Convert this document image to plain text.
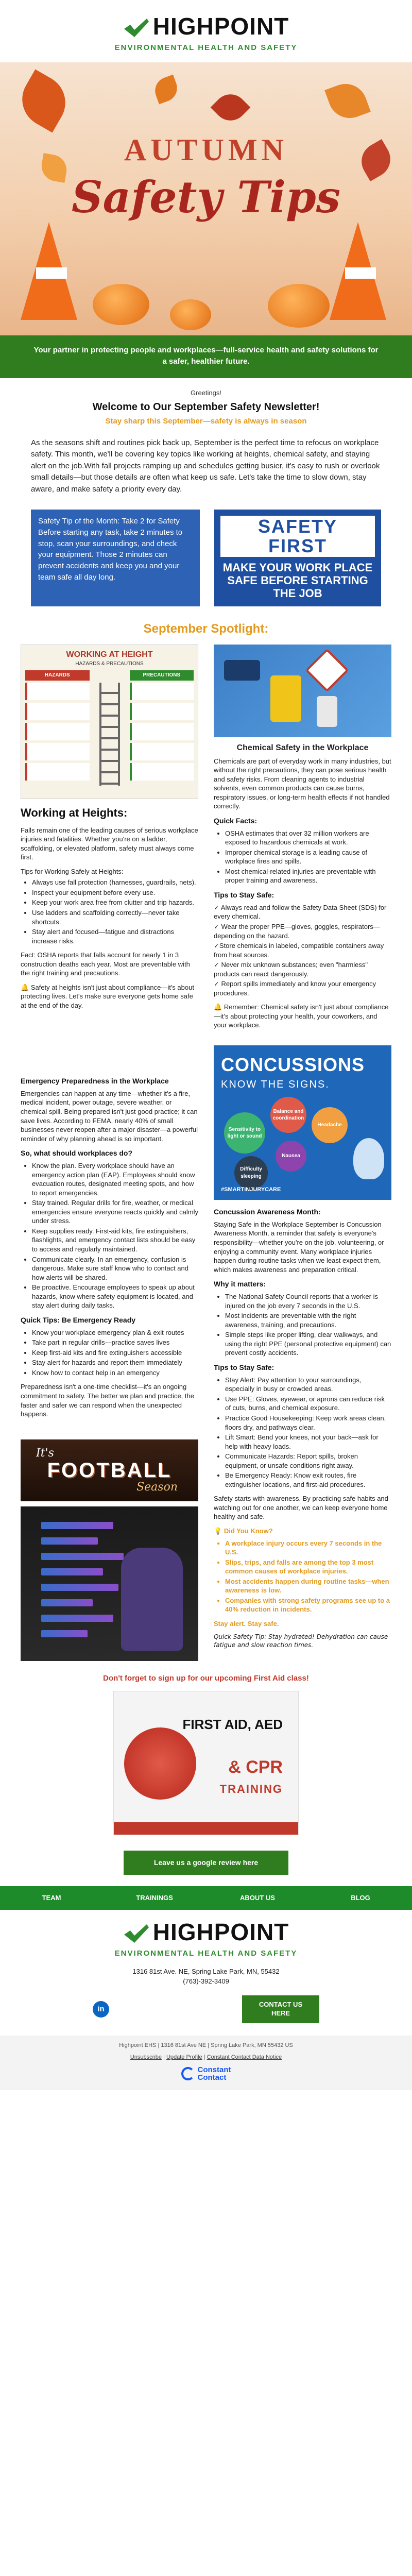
HIGHPOINT
ENVIRONMENTAL HEALTH AND SAFETY
AUTUMN
Safety Tips
Your partner in protecting people and workplaces—full-service health and safety solutions for a safer, healthier future.
Greetings!
Welcome to Our September Safety Newsletter!
Stay sharp this September—safety is always in season
As the seasons shift and routines pick back up, September is the perfect time to refocus on workplace safety. This month, we'll be covering key topics like working at heights, chemical safety, and staying alert on the job.With fall projects ramping up and schedules getting busier, it's easy to rush or overlook small details—but those details are often what keep us safe. Let's take the time to slow down, stay aware, and make safety a priority every day.
Safety Tip of the Month: Take 2 for Safety
Before starting any task, take 2 minutes to stop, scan your surroundings, and check your equipment. Those 2 minutes can prevent accidents and keep you and your team safe all day long.
SAFETY FIRST
MAKE YOUR WORK PLACE SAFE BEFORE STARTING THE JOB
September Spotlight:
WORKING AT HEIGHT
HAZARDS & PRECAUTIONS
HAZARDS	PRECAUTIONS
Working at Heights:

Falls remain one of the leading causes of serious workplace injuries and fatalities. Whether you're on a ladder, scaffolding, or elevated platform, safety must always come first.

Tips for Working Safely at Heights:

• Always use fall protection (harnesses, guardrails, nets).
• Inspect your equipment before every use.
• Keep your work area free from clutter and trip hazards.
• Use ladders and scaffolding correctly—never take shortcuts.
• Stay alert and focused—fatigue and distractions increase risks.

Fact: OSHA reports that falls account for nearly 1 in 3 construction deaths each year. Most are preventable with the right training and precautions.

🔔 Safety at heights isn't just about compliance—it's about protecting lives. Let's make sure everyone gets home safe at the end of the day.

Chemical Safety in the Workplace

Chemicals are part of everyday work in many industries, but without the right precautions, they can pose serious health and safety risks. From cleaning agents to industrial solvents, even common products can cause burns, respiratory issues, or long-term health effects if not handled correctly.

Quick Facts:
• OSHA estimates that over 32 million workers are exposed to hazardous chemicals at work.
• Improper chemical storage is a leading cause of workplace fires and spills.
• Most chemical-related injuries are preventable with proper training and awareness.
Tips to Stay Safe:

✓ Always read and follow the Safety Data Sheet (SDS) for every chemical.

✓ Wear the proper PPE—gloves, goggles, respirators—depending on the hazard.

✓Store chemicals in labeled, compatible containers away from heat sources.

✓ Never mix unknown substances; even "harmless" products can react dangerously.

✓ Report spills immediately and know your emergency procedures.

🔔 Remember: Chemical safety isn't just about compliance—it's about protecting your health, your coworkers, and your workplace.

Emergency Preparedness in the Workplace

Emergencies can happen at any time—whether it's a fire, medical incident, power outage, severe weather, or chemical spill. Being prepared isn't just good practice; it can save lives. According to FEMA, nearly 40% of small businesses never reopen after a major disaster—a powerful reminder of why planning ahead is so important.

So, what should workplaces do?
• Know the plan. Every workplace should have an emergency action plan (EAP). Employees should know evacuation routes, designated meeting spots, and how to report emergencies.
• Stay trained. Regular drills for fire, weather, or medical emergencies ensure everyone reacts quickly and calmly under stress.
• Keep supplies ready. First-aid kits, fire extinguishers, flashlights, and emergency contact lists should be easy to access and regularly maintained.
• Communicate clearly. In an emergency, confusion is dangerous. Make sure staff know who to contact and how alerts will be shared.
• Be proactive. Encourage employees to speak up about hazards, know where safety equipment is located, and stay alert during daily tasks.
Quick Tips: Be Emergency Ready
• Know your workplace emergency plan & exit routes
• Take part in regular drills—practice saves lives
• Keep first-aid kits and fire extinguishers accessible
• Stay alert for hazards and report them immediately
• Know how to contact help in an emergency

Preparedness isn't a one-time checklist—it's an ongoing commitment to safety. The better we plan and practice, the faster and safer we can respond when the unexpected happens.

It's
FOOTBALL
Season
CONCUSSIONS
KNOW THE SIGNS.
Balance and coordination
Sensitivity to light or sound
Headache
Nausea
Difficulty sleeping
#SMARTINJURYCARE
Concussion Awareness Month:

Staying Safe in the Workplace September is Concussion Awareness Month, a reminder that safety is everyone's responsibility—whether you're on the job, volunteering, or enjoying a community event. Many workplace injuries happen during routine tasks when we least expect them, which makes awareness and preparation critical.

Why it matters:
• The National Safety Council reports that a worker is injured on the job every 7 seconds in the U.S.
• Most incidents are preventable with the right awareness, training, and precautions.
• Simple steps like proper lifting, clear walkways, and using the right PPE (personal protective equipment) can prevent costly accidents.
Tips to Stay Safe:
• Stay Alert: Pay attention to your surroundings, especially in busy or crowded areas.
• Use PPE: Gloves, eyewear, or aprons can reduce risk of cuts, burns, and chemical exposure.
• Practice Good Housekeeping: Keep work areas clean, floors dry, and pathways clear.
• Lift Smart: Bend your knees, not your back—ask for help with heavy loads.
• Communicate Hazards: Report spills, broken equipment, or unsafe conditions right away.
• Be Emergency Ready: Know exit routes, fire extinguisher locations, and first-aid procedures.

Safety starts with awareness. By practicing safe habits and watching out for one another, we can keep everyone home healthy and safe.

💡 Did You Know?
• A workplace injury occurs every 7 seconds in the U.S.
• Slips, trips, and falls are among the top 3 most common causes of workplace injuries.
• Most accidents happen during routine tasks—when awareness is low.
• Companies with strong safety programs see up to a 40% reduction in incidents.
Stay alert. Stay safe.
Quick Safety Tip: Stay hydrated! Dehydration can cause fatigue and slow reaction times.
Don't forget to sign up for our upcoming First Aid class!
FIRST AID, AED
& CPR
TRAINING
Leave us a google review here
TEAM	TRAININGS	ABOUT US	BLOG
HIGHPOINT
ENVIRONMENTAL HEALTH AND SAFETY
1316 81st Ave. NE, Spring Lake Park, MN, 55432
(763)-392-3409
in
CONTACT US HERE
Highpoint EHS | 1316 81st Ave NE | Spring Lake Park, MN 55432 US
Unsubscribe | Update Profile | Constant Contact Data Notice
Constant
Contact
